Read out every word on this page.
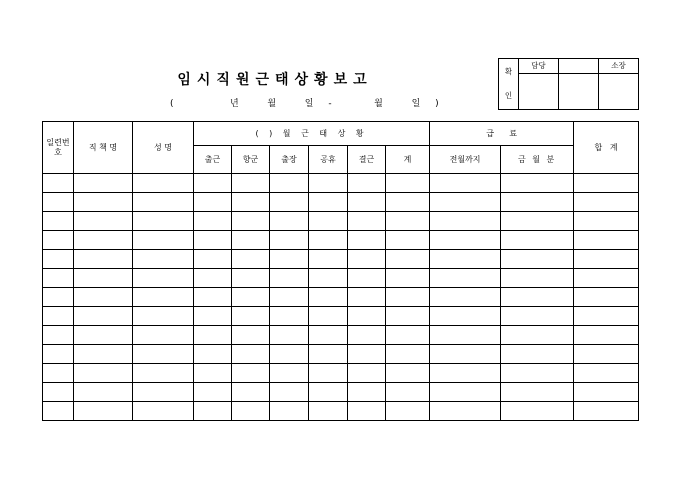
임시직원근태상황보고
(    년  월  일 -   월  일 )
확

인	담당		소장

일련번호	직 책 명	성 명	( ) 월 근 태 상 황						급      료		합   계
			출근	향군	출장	공휴	결근	계	전월까지	금 월 분	
